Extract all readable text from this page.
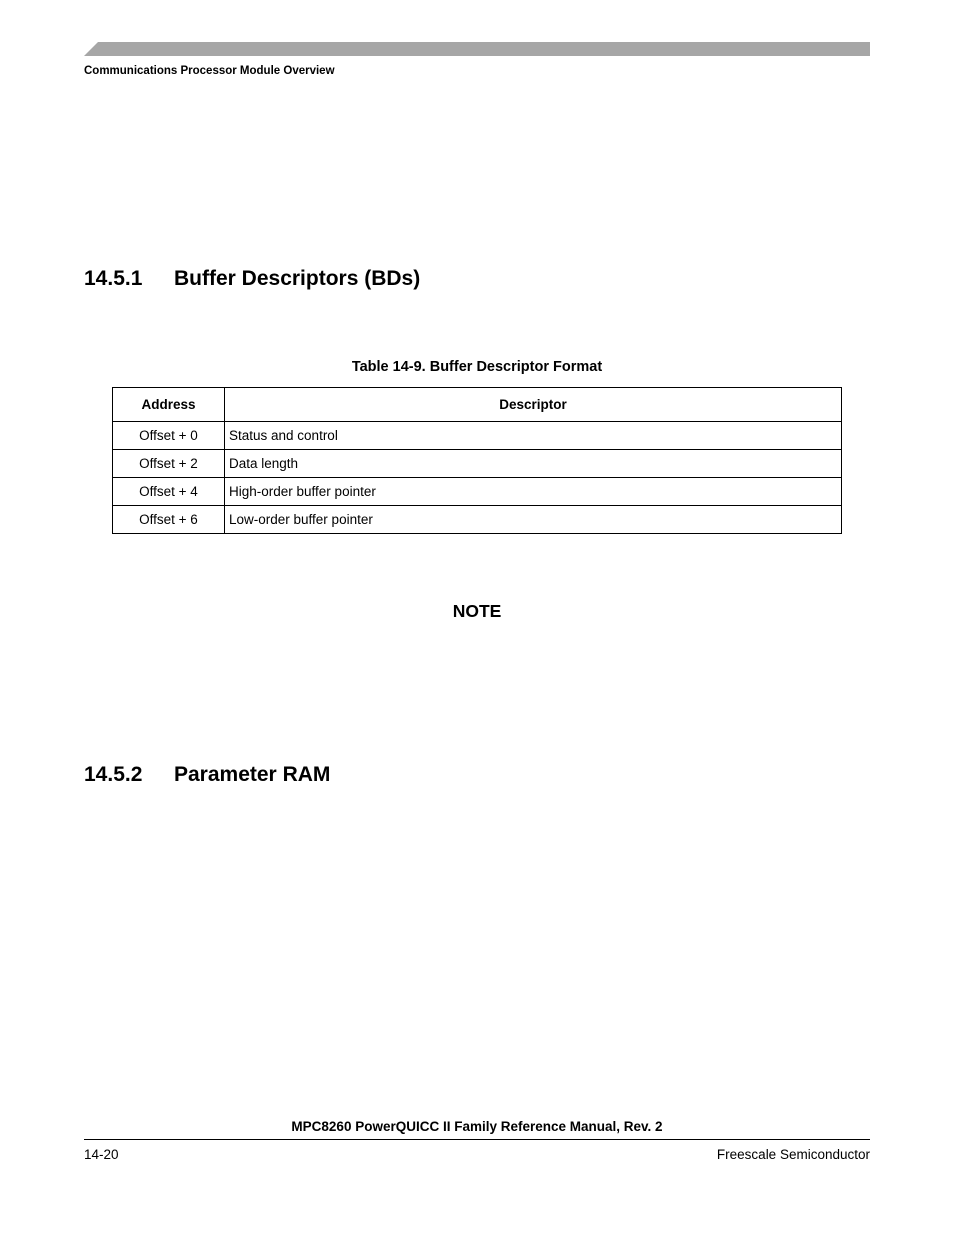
Communications Processor Module Overview
14.5.1 Buffer Descriptors (BDs)
Table 14-9. Buffer Descriptor Format
Address	Descriptor
Offset + 0	Status and control
Offset + 2	Data length
Offset + 4	High-order buffer pointer
Offset + 6	Low-order buffer pointer
NOTE
14.5.2 Parameter RAM
MPC8260 PowerQUICC II Family Reference Manual, Rev. 2
14-20	Freescale Semiconductor
